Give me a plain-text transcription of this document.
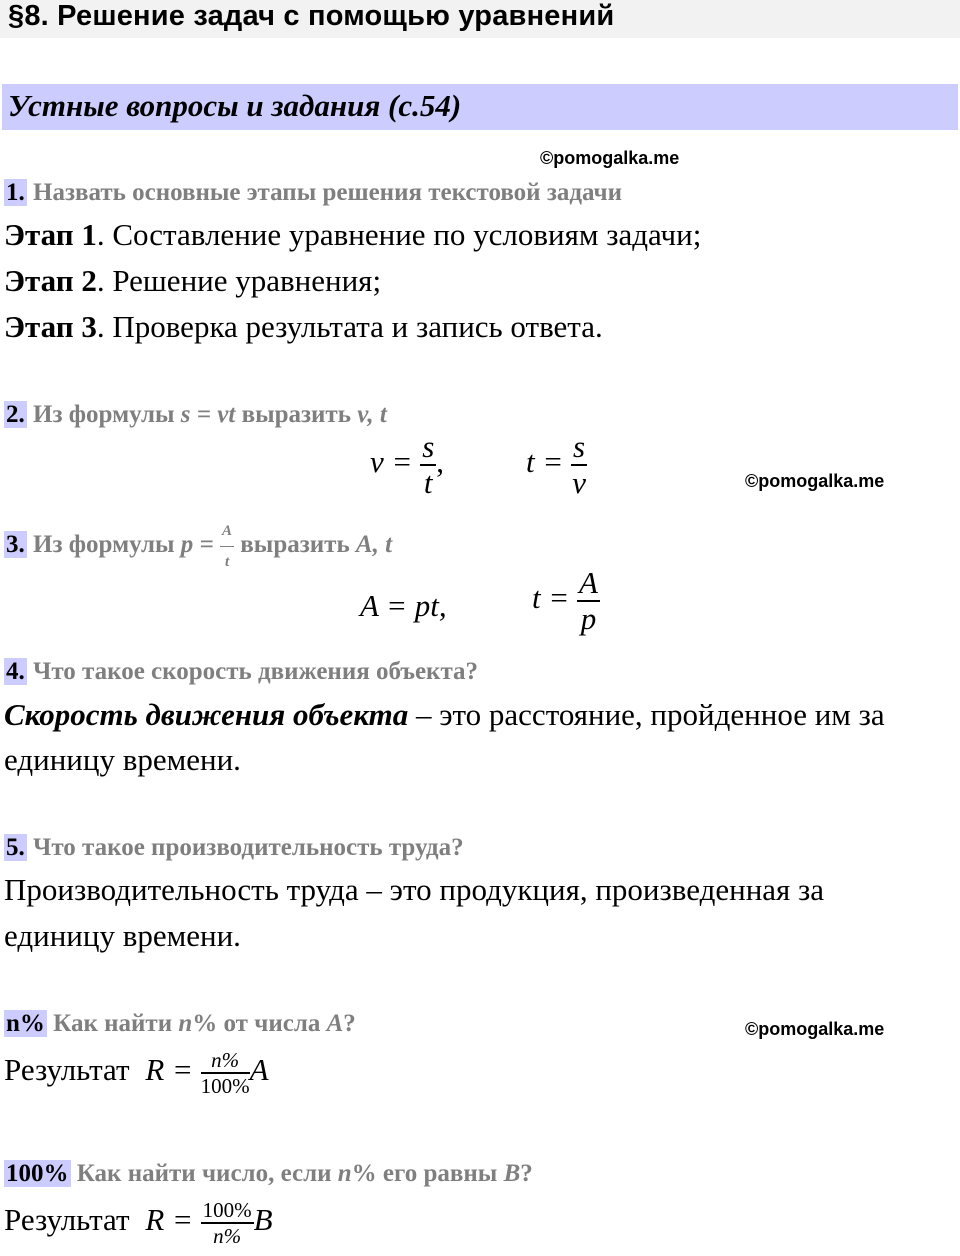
§8. Решение задач с помощью уравнений
Устные вопросы и задания (с.54)
©pomogalka.me
1. Назвать основные этапы решения текстовой задачи
Этап 1. Составление уравнение по условиям задачи;
Этап 2. Решение уравнения;
Этап 3. Проверка результата и запись ответа.
2. Из формулы s = vt выразить v, t
$v = \frac{s}{t}$ ,	$t = \frac{s}{v}$	©pomogalka.me
3. Из формулы $p = \frac{A}{t}$ выразить A, t
A = pt,	$t = \frac{A}{p}$
4. Что такое скорость движения объекта?
Скорость движения объекта – это расстояние, пройденное им за
единицу времени.
5. Что такое производительность труда?
Производительность труда – это продукция, произведенная за
единицу времени.
n% Как найти n% от числа A?	©pomogalka.me
Результат $R = \frac{n\%}{100\%}$ A
100% Как найти число, если n% его равны B?
Результат $R = \frac{100\%}{n\%}$ B
